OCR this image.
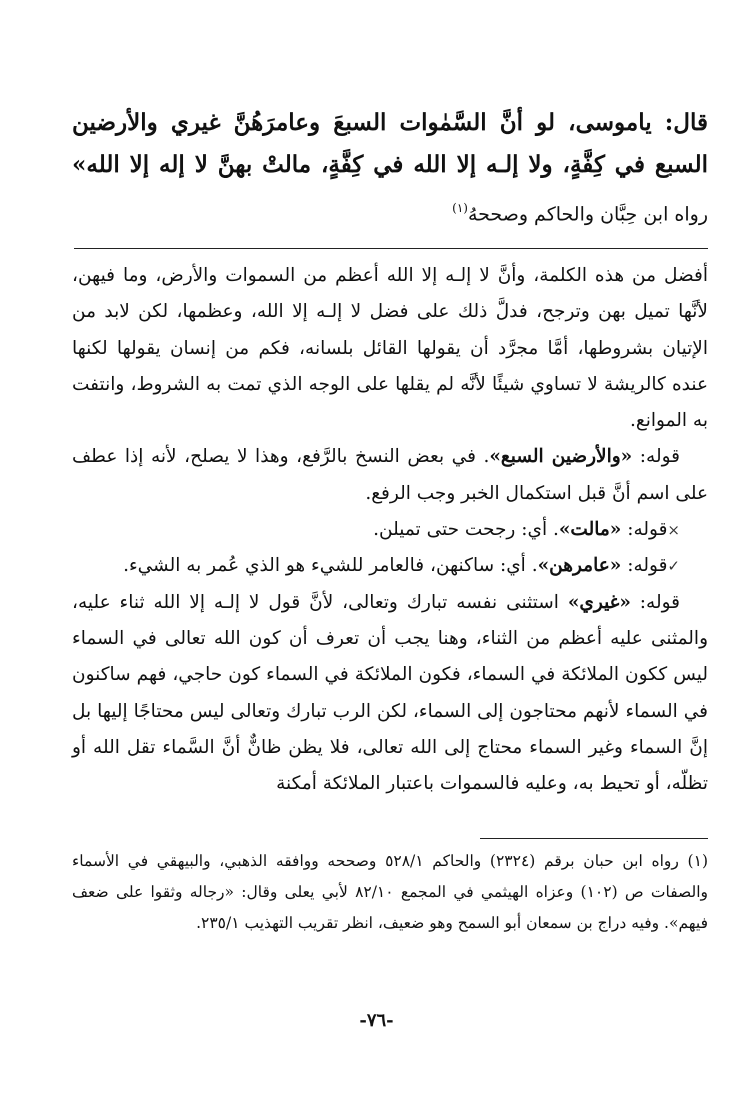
قال: ياموسى، لو أنَّ السَّمٰوات السبعَ وعامرَهُنَّ غيري والأرضين السبع في كِفَّةٍ، ولا إلـه إلا الله في كِفَّةٍ، مالتْ بهنَّ لا إله إلا الله» رواه ابن حِبَّان والحاكم وصححهُ$^{(١)}$

أفضل من هذه الكلمة، وأنَّ لا إلـه إلا الله أعظم من السموات والأرض، وما فيهن، لأنَّها تميل بهن وترجح، فدلَّ ذلك على فضل لا إلـه إلا الله، وعظمها، لكن لابد من الإتيان بشروطها، أمَّا مجرَّد أن يقولها القائل بلسانه، فكم من إنسان يقولها لكنها عنده كالريشة لا تساوي شيئًا لأنَّه لم يقلها على الوجه الذي تمت به الشروط، وانتفت به الموانع.

قوله: «والأرضين السبع». في بعض النسخ بالرَّفع، وهذا لا يصلح، لأنه إذا عطف على اسم أنَّ قبل استكمال الخبر وجب الرفع.

×قوله: «مالت». أي: رجحت حتى تميلن.

✓قوله: «عامرهن». أي: ساكنهن، فالعامر للشيء هو الذي عُمر به الشيء.

قوله: «غيري» استثنى نفسه تبارك وتعالى، لأنَّ قول لا إلـه إلا الله ثناء عليه، والمثنى عليه أعظم من الثناء، وهنا يجب أن تعرف أن كون الله تعالى في السماء ليس ككون الملائكة في السماء، فكون الملائكة في السماء كون حاجي، فهم ساكنون في السماء لأنهم محتاجون إلى السماء، لكن الرب تبارك وتعالى ليس محتاجًا إليها بل إنَّ السماء وغير السماء محتاج إلى الله تعالى، فلا يظن ظانٌّ أنَّ السَّماء تقل الله أو تظلّه، أو تحيط به، وعليه فالسموات باعتبار الملائكة أمكنة

(١) رواه ابن حبان برقم (٢٣٢٤) والحاكم ٥٢٨/١ وصححه ووافقه الذهبي، والبيهقي في الأسماء والصفات ص (١٠٢) وعزاه الهيثمي في المجمع ٨٢/١٠ لأبي يعلى وقال: «رجاله وثقوا على ضعف فيهم». وفيه دراج بن سمعان أبو السمح وهو ضعيف، انظر تقريب التهذيب ٢٣٥/١.

-٧٦-
